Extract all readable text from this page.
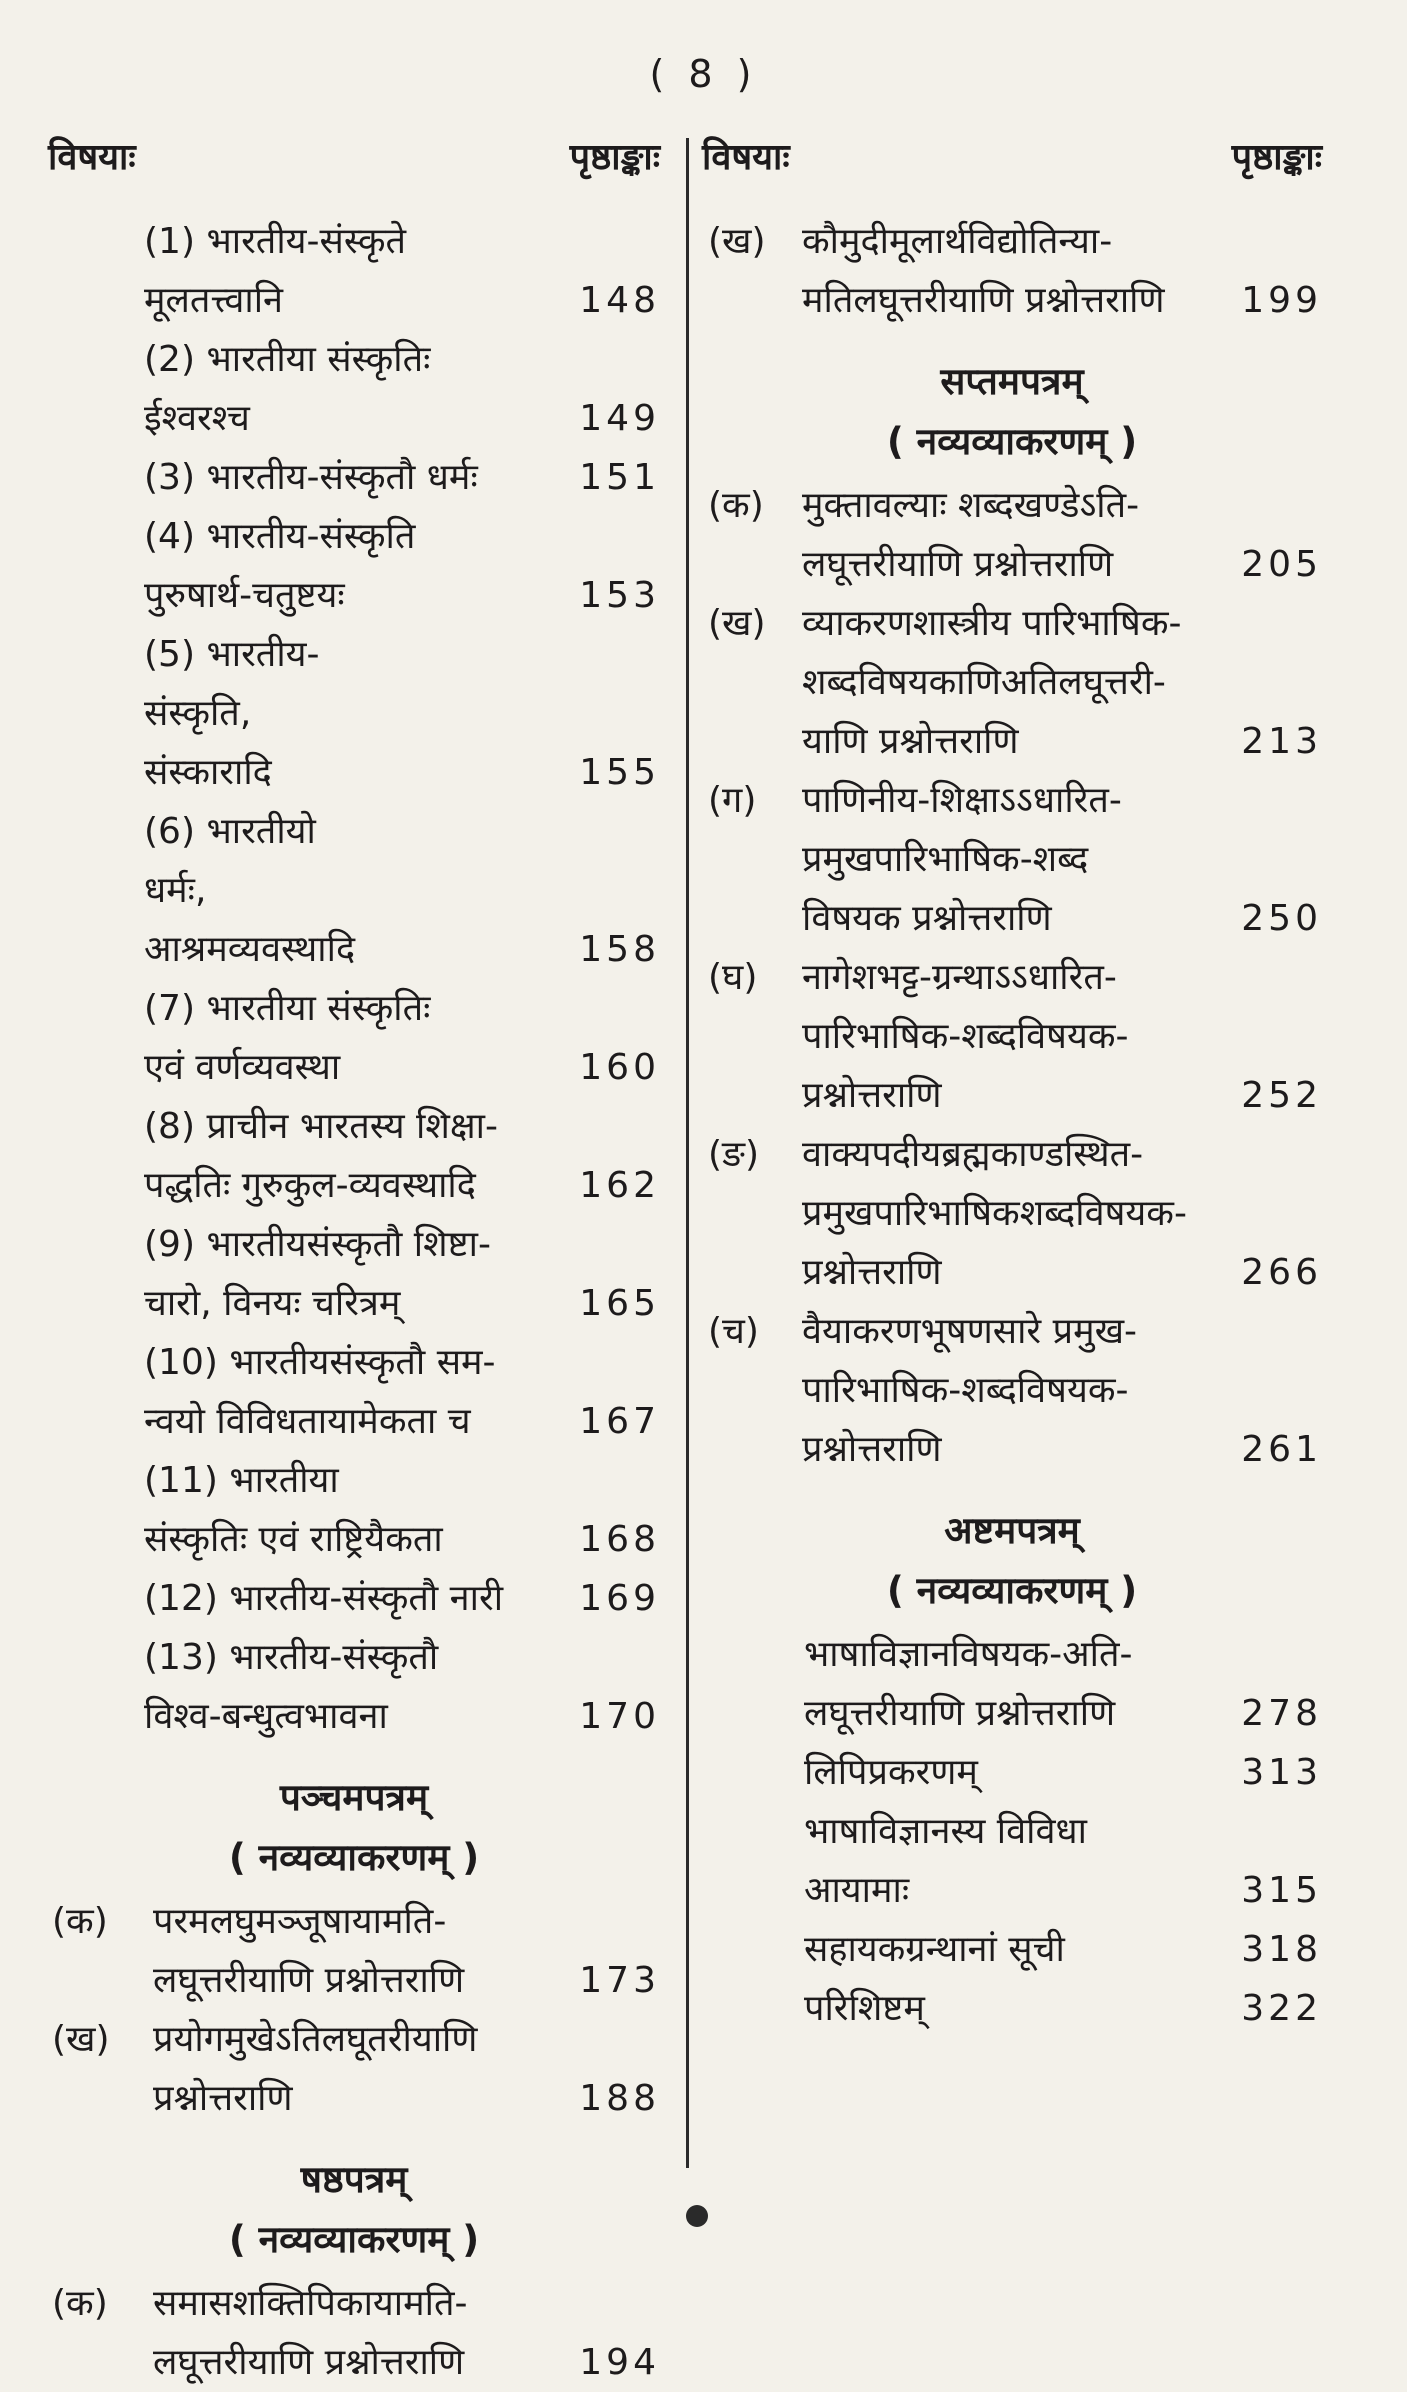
( 8 )
विषयाः	पृष्ठाङ्काः
(1) भारतीय-संस्कृते मूलतत्त्वानि	148
(2) भारतीया संस्कृतिः ईश्वरश्च	149
(3) भारतीय-संस्कृतौ धर्मः	151
(4) भारतीय-संस्कृति पुरुषार्थ-चतुष्टयः	153
(5) भारतीय-संस्कृति, संस्कारादि	155
(6) भारतीयो धर्मः, आश्रमव्यवस्थादि	158
(7) भारतीया संस्कृतिः एवं वर्णव्यवस्था	160
(8) प्राचीन भारतस्य शिक्षा-पद्धतिः गुरुकुल-व्यवस्थादि	162
(9) भारतीयसंस्कृतौ शिष्टा-चारो, विनयः चरित्रम्	165
(10) भारतीयसंस्कृतौ सम-न्वयो विविधतायामेकता च	167
(11) भारतीया संस्कृतिः एवं राष्ट्रियैकता	168
(12) भारतीय-संस्कृतौ नारी	169
(13) भारतीय-संस्कृतौ विश्व-बन्धुत्वभावना	170
पञ्चमपत्रम्
( नव्यव्याकरणम् )
(क)	परमलघुमञ्जूषायामति-लघूत्तरीयाणि प्रश्नोत्तराणि	173
(ख)	प्रयोगमुखेऽतिलघूतरीयाणि प्रश्नोत्तराणि	188
षष्ठपत्रम्
( नव्यव्याकरणम् )
(क)	समासशक्तिपिकायामति-लघूत्तरीयाणि प्रश्नोत्तराणि	194
विषयाः	पृष्ठाङ्काः
(ख)	कौमुदीमूलार्थविद्योतिन्या-मतिलघूत्तरीयाणि प्रश्नोत्तराणि	199
सप्तमपत्रम्
( नव्यव्याकरणम् )
(क)	मुक्तावल्याः शब्दखण्डेऽति-लघूत्तरीयाणि प्रश्नोत्तराणि	205
(ख)	व्याकरणशास्त्रीय पारिभाषिक-शब्दविषयकाणिअतिलघूत्तरी-याणि प्रश्नोत्तराणि	213
(ग)	पाणिनीय-शिक्षाऽऽधारित-प्रमुखपारिभाषिक-शब्द विषयक प्रश्नोत्तराणि	250
(घ)	नागेशभट्ट-ग्रन्थाऽऽधारित-पारिभाषिक-शब्दविषयक-प्रश्नोत्तराणि	252
(ङ)	वाक्यपदीयब्रह्मकाण्डस्थित-प्रमुखपारिभाषिकशब्दविषयक-प्रश्नोत्तराणि	266
(च)	वैयाकरणभूषणसारे प्रमुख-पारिभाषिक-शब्दविषयक-प्रश्नोत्तराणि	261
अष्टमपत्रम्
( नव्यव्याकरणम् )
भाषाविज्ञानविषयक-अति-लघूत्तरीयाणि प्रश्नोत्तराणि	278
लिपिप्रकरणम्	313
भाषाविज्ञानस्य विविधा आयामाः	315
सहायकग्रन्थानां सूची	318
परिशिष्टम्	322
